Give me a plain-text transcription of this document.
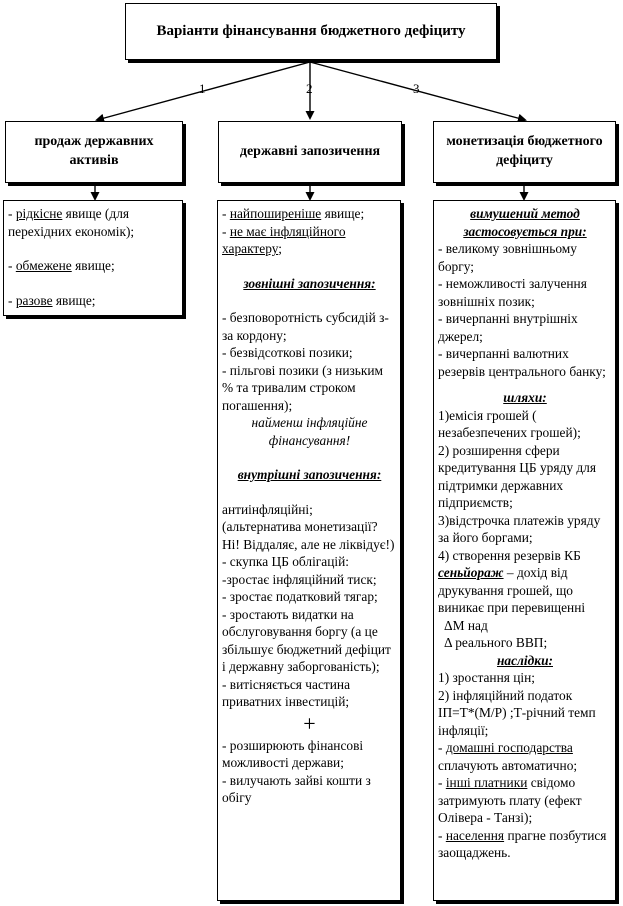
1	2	3
Варіанти фінансування бюджетного дефіциту
продаж державних активів
державні запозичення
монетизація бюджетного дефіциту

- рідкісне явище (для перехідних економік);

- обмежене явище;

- разове явище;

- найпоширеніше явище;

- не має інфляційного характеру;

зовнішні запозичення:

- безповоротність субсидій з-за кордону;

- безвідсоткові позики;

- пільгові позики (з низьким % та тривалим строком погашення);

найменш інфляційне фінансування!

внутрішні запозичення:

антиінфляційні;

(альтернатива монетизації? Ні! Віддаляє, але не ліквідує!)

- скупка ЦБ облігацій:

-зростає інфляційний тиск;

- зростає податковий тягар;

- зростають видатки на обслуговування боргу (а це збільшує бюджетний дефіцит і державну заборгованість);

- витісняється частина приватних інвестицій;

+

- розширюють фінансові можливості держави;

- вилучають зайві кошти з обігу

вимушений метод застосовується при:

- великому зовнішньому боргу;

- неможливості залучення зовнішніх позик;

- вичерпанні внутрішніх джерел;

- вичерпанні валютних резервів центрального банку;

шляхи:

1)емісія грошей ( незабезпечених грошей);

2) розширення сфери кредитування ЦБ уряду для підтримки державних підприємств;

3)відстрочка платежів уряду за його боргами;

4) створення резервів КБ

сеньйораж – дохід від друкування грошей, що виникає при перевищенні

ΔM над

Δ реального ВВП;

наслідки:

1) зростання цін;

2) інфляційний податок ІП=Т*(М/Р) ;Т-річний темп інфляції;

- домашні господарства сплачують автоматично;

- інші платники свідомо затримують плату (ефект Олівера - Танзі);

- населення прагне позбутися заощаджень.
